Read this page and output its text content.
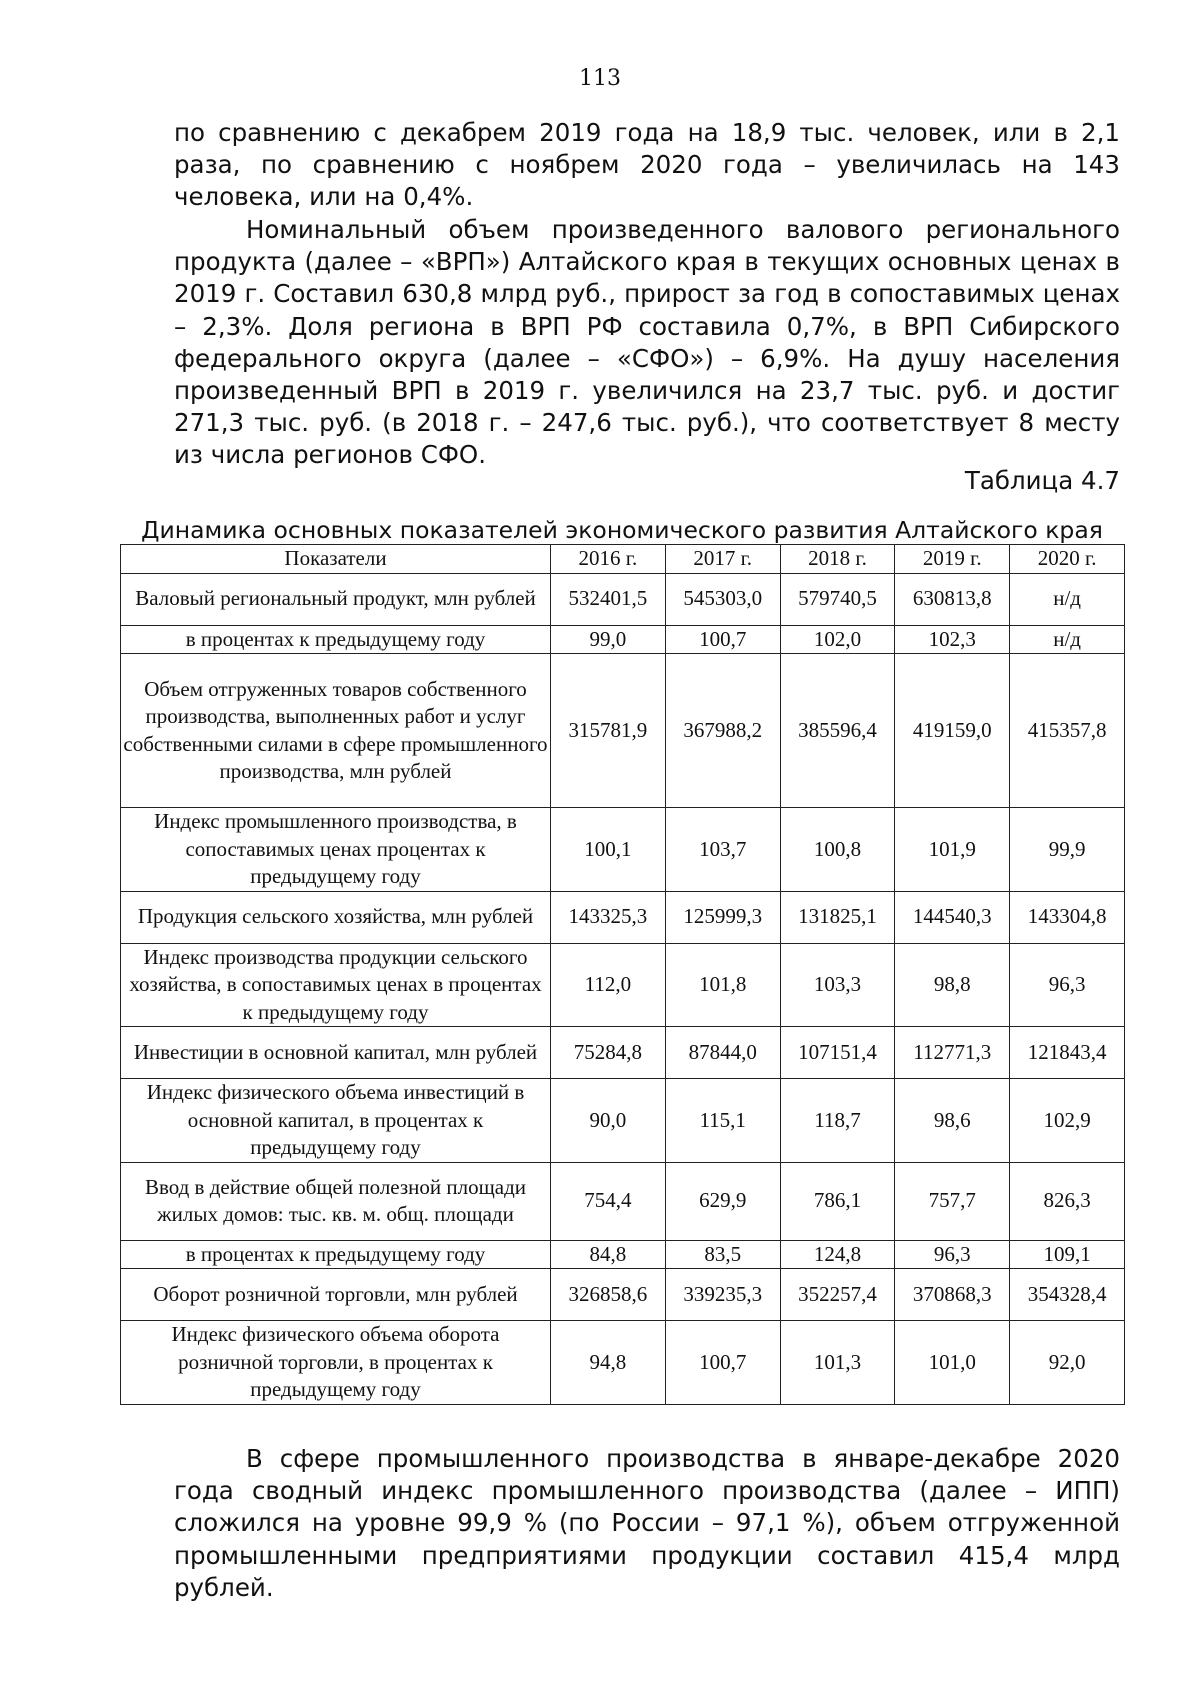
113

по сравнению с декабрем 2019 года на 18,9 тыс. человек, или в 2,1 раза, по сравнению с ноябрем 2020 года – увеличилась на 143 человека, или на 0,4%.

Номинальный объем произведенного валового регионального продукта (далее – «ВРП») Алтайского края в текущих основных ценах в 2019 г. Составил 630,8 млрд руб., прирост за год в сопоставимых ценах – 2,3%. Доля региона в ВРП РФ составила 0,7%, в ВРП Сибирского федерального округа (далее – «СФО») – 6,9%. На душу населения произведенный ВРП в 2019 г. увеличился на 23,7 тыс. руб. и достиг 271,3 тыс. руб. (в 2018 г. – 247,6 тыс. руб.), что соответствует 8 месту из числа регионов СФО.

Таблица 4.7
Динамика основных показателей экономического развития Алтайского края
Показатели	2016 г.	2017 г.	2018 г.	2019 г.	2020 г.
Валовый региональный продукт, млн рублей	532401,5	545303,0	579740,5	630813,8	н/д
в процентах к предыдущему году	99,0	100,7	102,0	102,3	н/д
Объем отгруженных товаров собственного производства, выполненных работ и услуг собственными силами в сфере промышленного производства, млн рублей	315781,9	367988,2	385596,4	419159,0	415357,8
Индекс промышленного производства, в сопоставимых ценах процентах к предыдущему году	100,1	103,7	100,8	101,9	99,9
Продукция сельского хозяйства, млн рублей	143325,3	125999,3	131825,1	144540,3	143304,8
Индекс производства продукции сельского хозяйства, в сопоставимых ценах в процентах к предыдущему году	112,0	101,8	103,3	98,8	96,3
Инвестиции в основной капитал, млн рублей	75284,8	87844,0	107151,4	112771,3	121843,4
Индекс физического объема инвестиций в основной капитал, в процентах к предыдущему году	90,0	115,1	118,7	98,6	102,9
Ввод в действие общей полезной площади жилых домов: тыс. кв. м. общ. площади	754,4	629,9	786,1	757,7	826,3
в процентах к предыдущему году	84,8	83,5	124,8	96,3	109,1
Оборот розничной торговли, млн рублей	326858,6	339235,3	352257,4	370868,3	354328,4
Индекс физического объема оборота розничной торговли, в процентах к предыдущему году	94,8	100,7	101,3	101,0	92,0

В сфере промышленного производства в январе-декабре 2020 года сводный индекс промышленного производства (далее – ИПП) сложился на уровне 99,9 % (по России – 97,1 %), объем отгруженной промышленными предприятиями продукции составил 415,4 млрд рублей.
